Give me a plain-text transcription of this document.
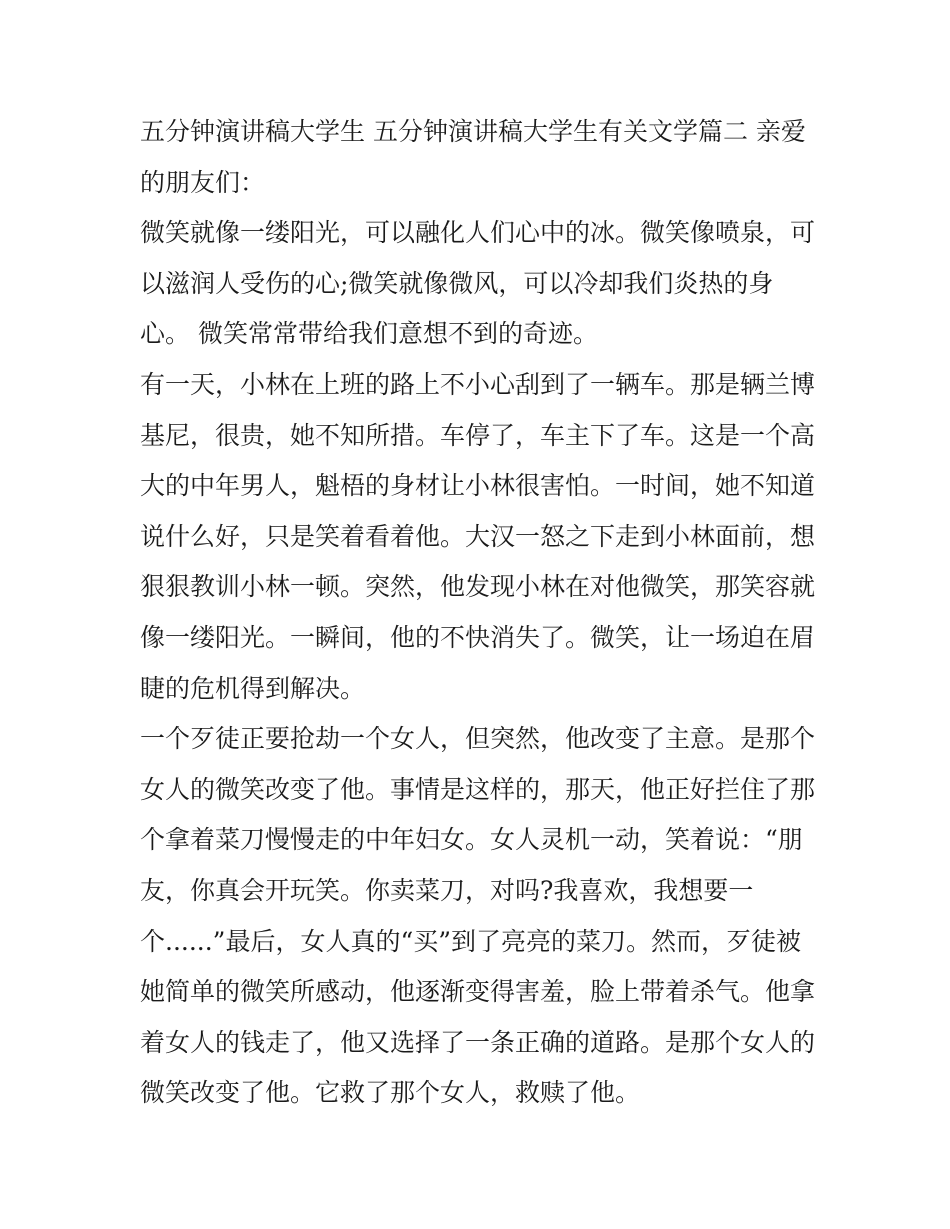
五分钟演讲稿大学生 五分钟演讲稿大学生有关文学篇二 亲爱
的朋友们：
微笑就像一缕阳光，可以融化人们心中的冰。微笑像喷泉，可
以滋润人受伤的心;微笑就像微风，可以冷却我们炎热的身
心。 微笑常常带给我们意想不到的奇迹。
有一天，小林在上班的路上不小心刮到了一辆车。那是辆兰博
基尼，很贵，她不知所措。车停了，车主下了车。这是一个高
大的中年男人，魁梧的身材让小林很害怕。一时间，她不知道
说什么好，只是笑着看着他。大汉一怒之下走到小林面前，想
狠狠教训小林一顿。突然，他发现小林在对他微笑，那笑容就
像一缕阳光。一瞬间，他的不快消失了。微笑，让一场迫在眉
睫的危机得到解决。
一个歹徒正要抢劫一个女人，但突然，他改变了主意。是那个
女人的微笑改变了他。事情是这样的，那天，他正好拦住了那
个拿着菜刀慢慢走的中年妇女。女人灵机一动，笑着说：“朋
友，你真会开玩笑。你卖菜刀，对吗?我喜欢，我想要一
个......”最后，女人真的“买”到了亮亮的菜刀。然而，歹徒被
她简单的微笑所感动，他逐渐变得害羞，脸上带着杀气。他拿
着女人的钱走了，他又选择了一条正确的道路。是那个女人的
微笑改变了他。它救了那个女人，救赎了他。
